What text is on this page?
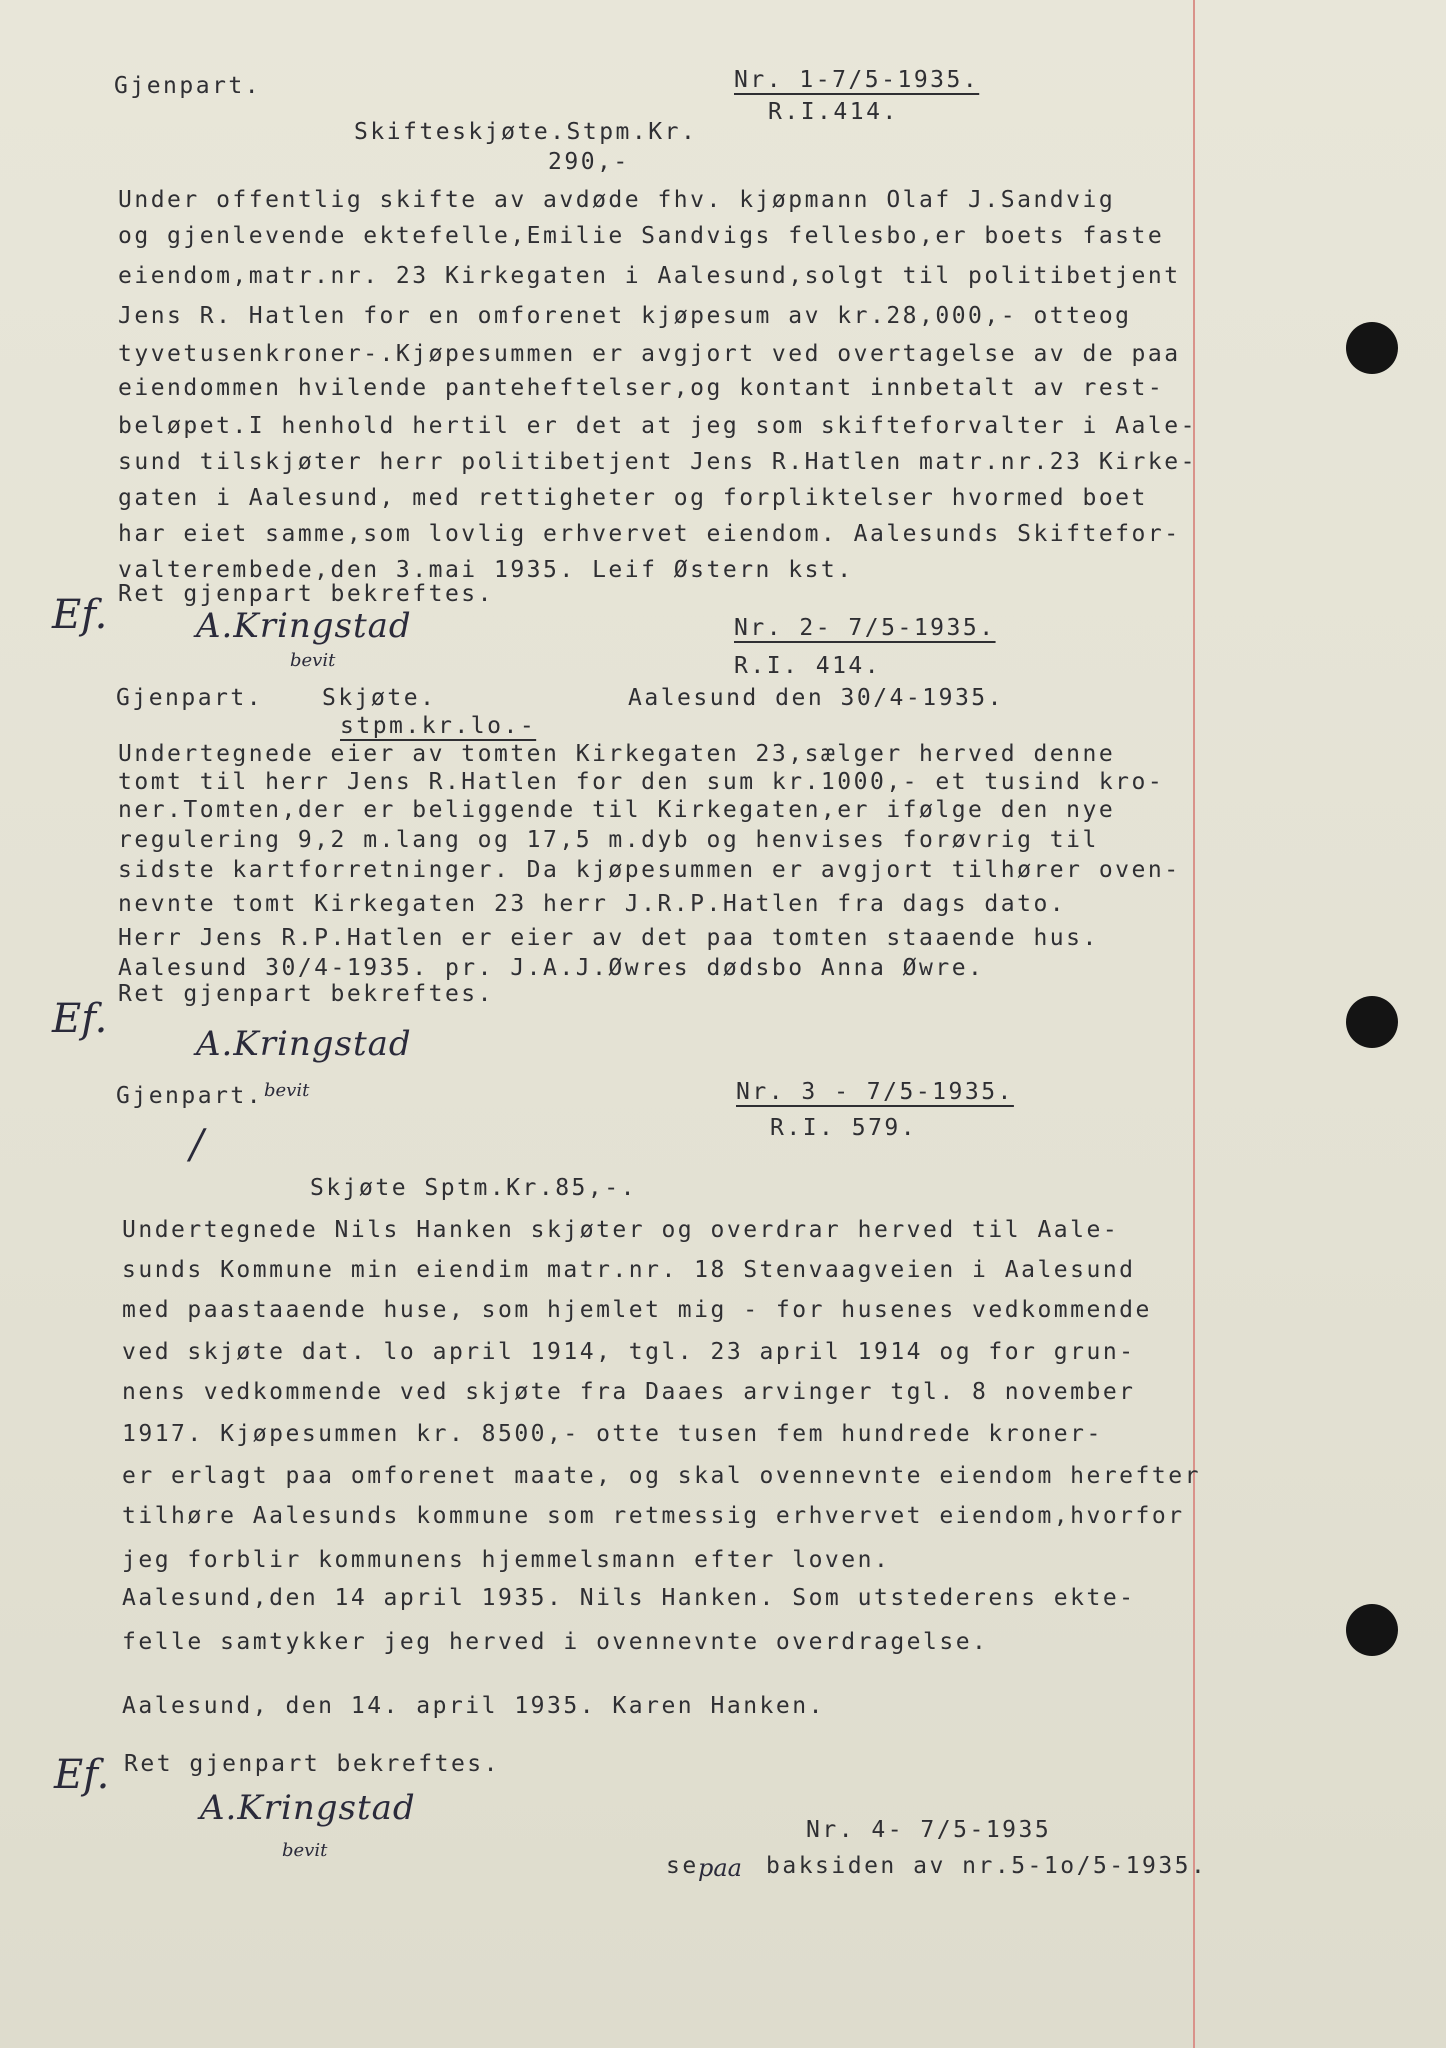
Gjenpart.	Nr. 1-7/5-1935.
R.I.414.
Skifteskjøte.Stpm.Kr.
290,-
Under offentlig skifte av avdøde fhv. kjøpmann Olaf J.Sandvig
og gjenlevende ektefelle,Emilie Sandvigs fellesbo,er boets faste
eiendom,matr.nr. 23 Kirkegaten i Aalesund,solgt til politibetjent
Jens R. Hatlen for en omforenet kjøpesum av kr.28,000,- otteog
tyvetusenkroner-.Kjøpesummen er avgjort ved overtagelse av de paa
eiendommen hvilende panteheftelser,og kontant innbetalt av rest-
beløpet.I henhold hertil er det at jeg som skifteforvalter i Aale-
sund tilskjøter herr politibetjent Jens R.Hatlen matr.nr.23 Kirke-
gaten i Aalesund, med rettigheter og forpliktelser hvormed boet
har eiet samme,som lovlig erhvervet eiendom. Aalesunds Skiftefor-
valterembede,den 3.mai 1935. Leif Østern kst.
Ret gjenpart bekreftes.
Ef.	A.Kringstad
bevit
Nr. 2- 7/5-1935.
R.I. 414.
Gjenpart.	Skjøte.	Aalesund den 30/4-1935.
stpm.kr.lo.-
Undertegnede eier av tomten Kirkegaten 23,sælger herved denne
tomt til herr Jens R.Hatlen for den sum kr.1000,- et tusind kro-
ner.Tomten,der er beliggende til Kirkegaten,er ifølge den nye
regulering 9,2 m.lang og 17,5 m.dyb og henvises forøvrig til
sidste kartforretninger. Da kjøpesummen er avgjort tilhører oven-
nevnte tomt Kirkegaten 23 herr J.R.P.Hatlen fra dags dato.
Herr Jens R.P.Hatlen er eier av det paa tomten staaende hus.
Aalesund 30/4-1935. pr. J.A.J.Øwres dødsbo Anna Øwre.
Ret gjenpart bekreftes.
Ef.
A.Kringstad
bevit
Gjenpart.	Nr. 3 - 7/5-1935.
R.I. 579.
/
Skjøte Sptm.Kr.85,-.
Undertegnede Nils Hanken skjøter og overdrar herved til Aale-
sunds Kommune min eiendim matr.nr. 18 Stenvaagveien i Aalesund
med paastaaende huse, som hjemlet mig - for husenes vedkommende
ved skjøte dat. lo april 1914, tgl. 23 april 1914 og for grun-
nens vedkommende ved skjøte fra Daaes arvinger tgl. 8 november
1917. Kjøpesummen kr. 8500,- otte tusen fem hundrede kroner-
er erlagt paa omforenet maate, og skal ovennevnte eiendom herefter
tilhøre Aalesunds kommune som retmessig erhvervet eiendom,hvorfor
jeg forblir kommunens hjemmelsmann efter loven.
Aalesund,den 14 april 1935. Nils Hanken. Som utstederens ekte-
felle samtykker jeg herved i ovennevnte overdragelse.
Aalesund, den 14. april 1935. Karen Hanken.
Ret gjenpart bekreftes.
Ef.
A.Kringstad
bevit
Nr. 4- 7/5-1935
se paa baksiden av nr.5-1o/5-1935.
